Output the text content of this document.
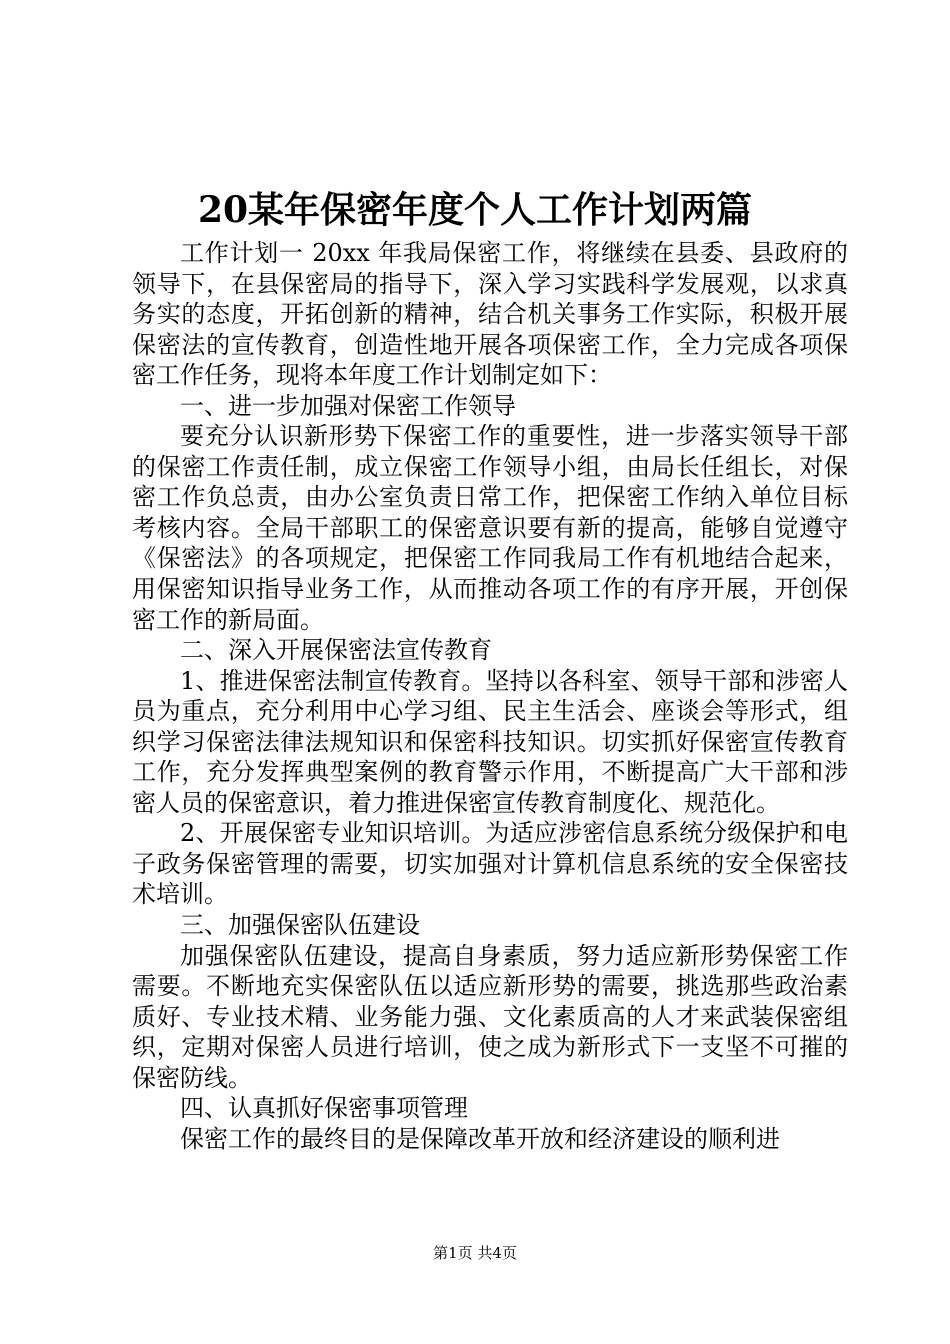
20某年保密年度个人工作计划两篇

工作计划一 20xx 年我局保密工作，将继续在县委、县政府的领导下，在县保密局的指导下，深入学习实践科学发展观，以求真务实的态度，开拓创新的精神，结合机关事务工作实际，积极开展保密法的宣传教育，创造性地开展各项保密工作，全力完成各项保密工作任务，现将本年度工作计划制定如下：

一、进一步加强对保密工作领导

要充分认识新形势下保密工作的重要性，进一步落实领导干部的保密工作责任制，成立保密工作领导小组，由局长任组长，对保密工作负总责，由办公室负责日常工作，把保密工作纳入单位目标考核内容。全局干部职工的保密意识要有新的提高，能够自觉遵守《保密法》的各项规定，把保密工作同我局工作有机地结合起来，用保密知识指导业务工作，从而推动各项工作的有序开展，开创保密工作的新局面。

二、深入开展保密法宣传教育

1、推进保密法制宣传教育。坚持以各科室、领导干部和涉密人员为重点，充分利用中心学习组、民主生活会、座谈会等形式，组织学习保密法律法规知识和保密科技知识。切实抓好保密宣传教育工作，充分发挥典型案例的教育警示作用，不断提高广大干部和涉密人员的保密意识，着力推进保密宣传教育制度化、规范化。

2、开展保密专业知识培训。为适应涉密信息系统分级保护和电子政务保密管理的需要，切实加强对计算机信息系统的安全保密技术培训。

三、加强保密队伍建设

加强保密队伍建设，提高自身素质，努力适应新形势保密工作需要。不断地充实保密队伍以适应新形势的需要，挑选那些政治素质好、专业技术精、业务能力强、文化素质高的人才来武装保密组织，定期对保密人员进行培训，使之成为新形式下一支坚不可摧的保密防线。

四、认真抓好保密事项管理

保密工作的最终目的是保障改革开放和经济建设的顺利进

第1页 共4页
